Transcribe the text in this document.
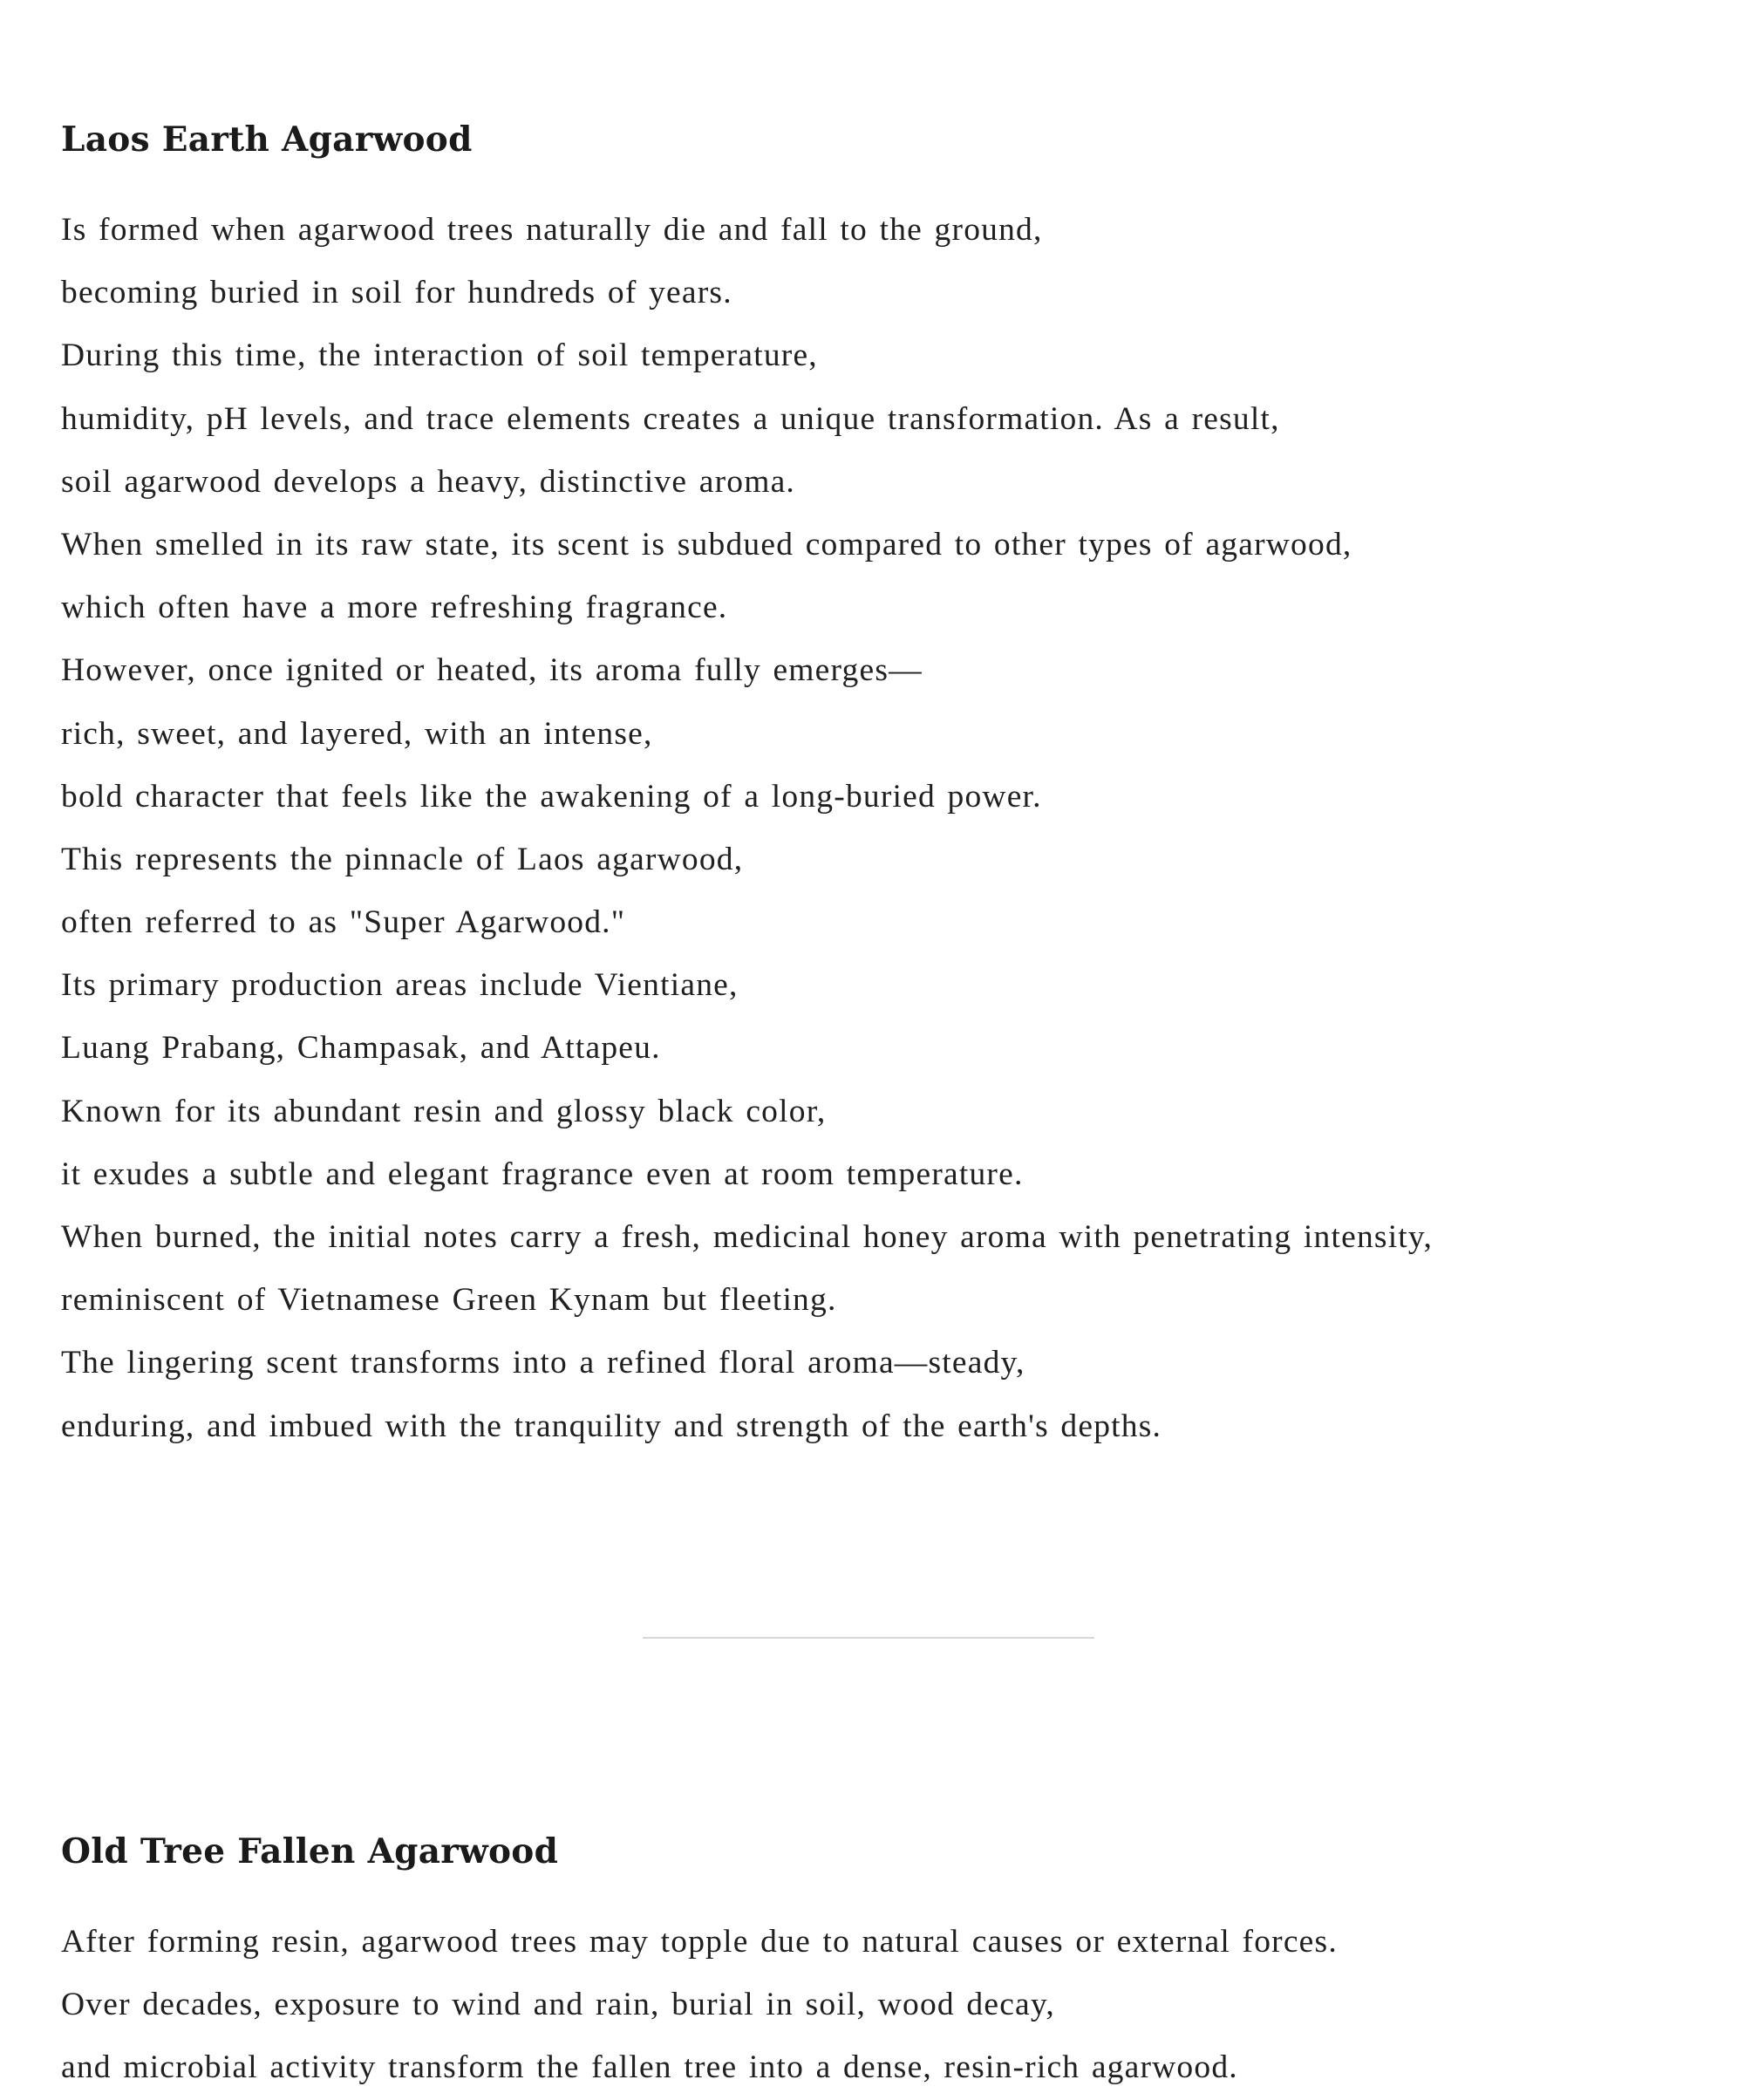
Laos Earth Agarwood
Is formed when agarwood trees naturally die and fall to the ground,
becoming buried in soil for hundreds of years.
During this time, the interaction of soil temperature,
humidity, pH levels, and trace elements creates a unique transformation. As a result,
soil agarwood develops a heavy, distinctive aroma.
When smelled in its raw state, its scent is subdued compared to other types of agarwood,
which often have a more refreshing fragrance.
However, once ignited or heated, its aroma fully emerges—
rich, sweet, and layered, with an intense,
bold character that feels like the awakening of a long-buried power.
This represents the pinnacle of Laos agarwood,
often referred to as "Super Agarwood."
Its primary production areas include Vientiane,
Luang Prabang, Champasak, and Attapeu.
Known for its abundant resin and glossy black color,
it exudes a subtle and elegant fragrance even at room temperature.
When burned, the initial notes carry a fresh, medicinal honey aroma with penetrating intensity,
reminiscent of Vietnamese Green Kynam but fleeting.
The lingering scent transforms into a refined floral aroma—steady,
enduring, and imbued with the tranquility and strength of the earth's depths.
Old Tree Fallen Agarwood
After forming resin, agarwood trees may topple due to natural causes or external forces.
Over decades, exposure to wind and rain, burial in soil, wood decay,
and microbial activity transform the fallen tree into a dense, resin-rich agarwood.
